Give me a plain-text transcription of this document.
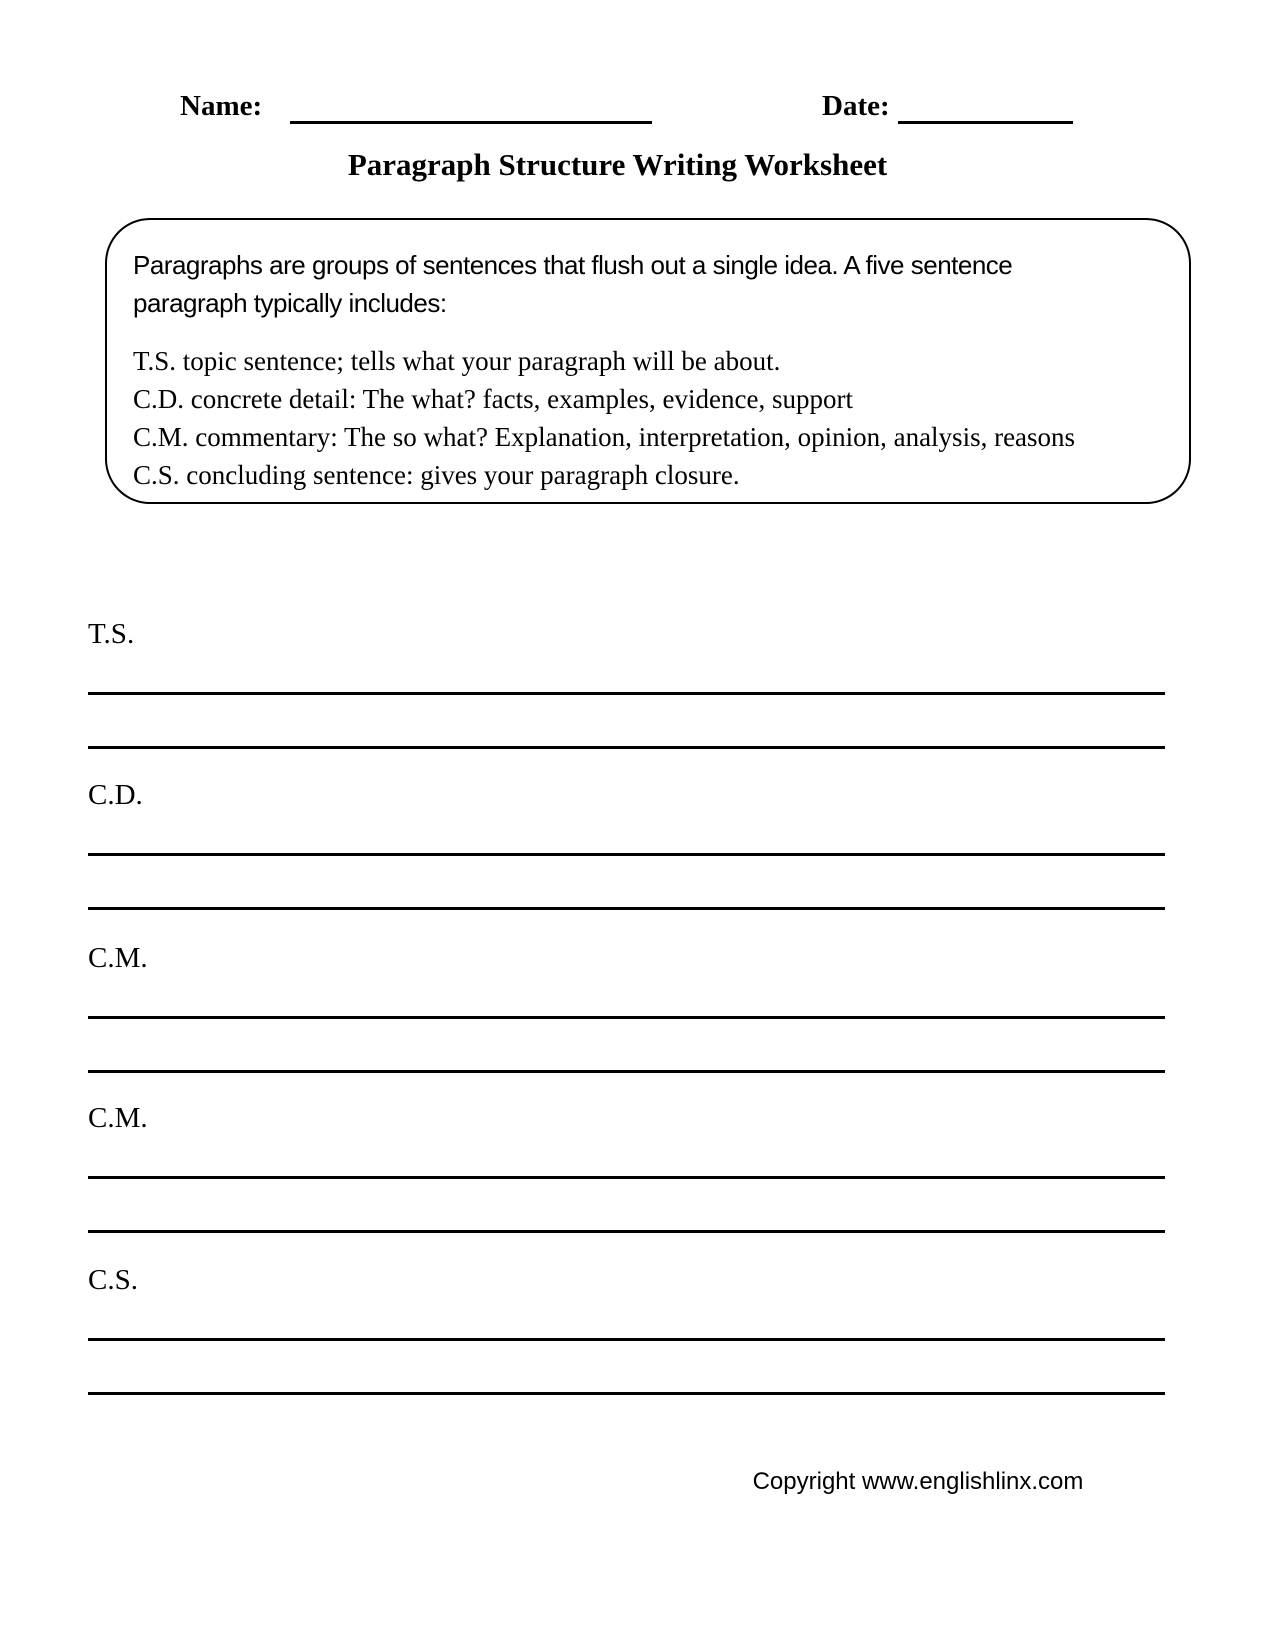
Name:	Date:
Paragraph Structure Writing Worksheet
Paragraphs are groups of sentences that flush out a single idea. A five sentence
paragraph typically includes:
T.S. topic sentence; tells what your paragraph will be about.
C.D. concrete detail: The what? facts, examples, evidence, support
C.M. commentary: The so what? Explanation, interpretation, opinion, analysis, reasons
C.S. concluding sentence: gives your paragraph closure.
T.S.
C.D.
C.M.
C.M.
C.S.
Copyright www.englishlinx.com
